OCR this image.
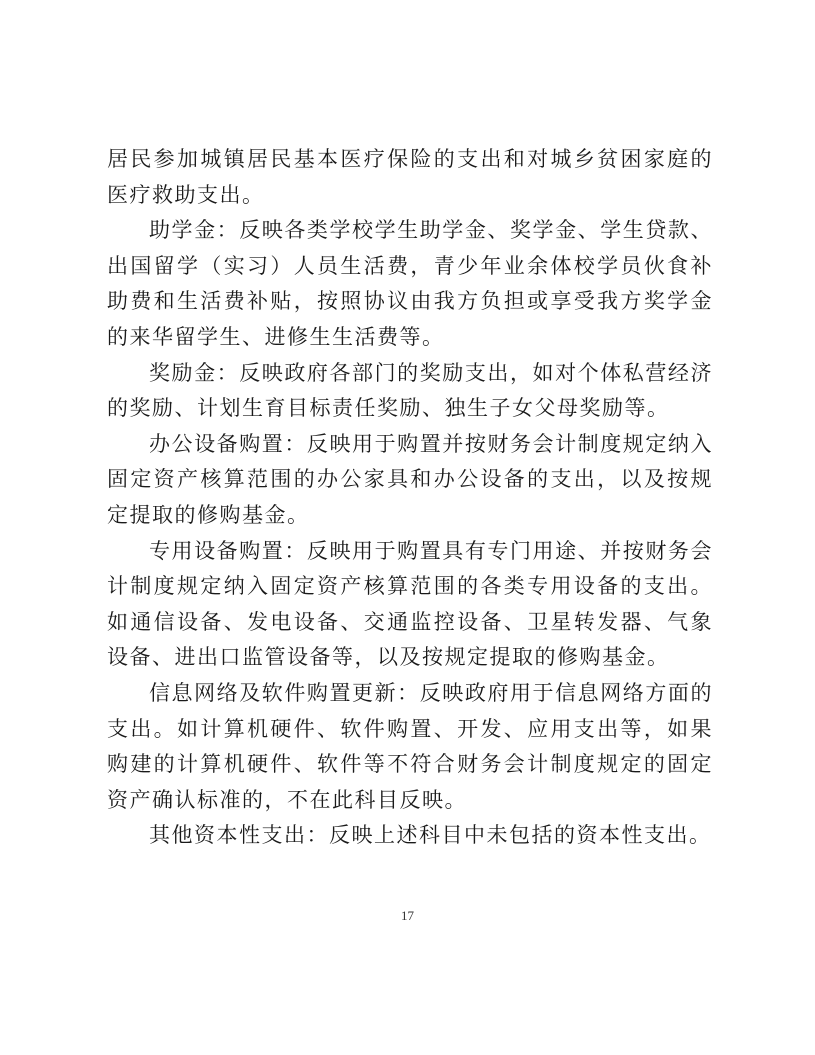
居民参加城镇居民基本医疗保险的支出和对城乡贫困家庭的医疗救助支出。

助学金：反映各类学校学生助学金、奖学金、学生贷款、出国留学（实习）人员生活费，青少年业余体校学员伙食补助费和生活费补贴，按照协议由我方负担或享受我方奖学金的来华留学生、进修生生活费等。

奖励金：反映政府各部门的奖励支出，如对个体私营经济的奖励、计划生育目标责任奖励、独生子女父母奖励等。

办公设备购置：反映用于购置并按财务会计制度规定纳入固定资产核算范围的办公家具和办公设备的支出，以及按规定提取的修购基金。

专用设备购置：反映用于购置具有专门用途、并按财务会计制度规定纳入固定资产核算范围的各类专用设备的支出。如通信设备、发电设备、交通监控设备、卫星转发器、气象设备、进出口监管设备等，以及按规定提取的修购基金。

信息网络及软件购置更新：反映政府用于信息网络方面的支出。如计算机硬件、软件购置、开发、应用支出等，如果购建的计算机硬件、软件等不符合财务会计制度规定的固定资产确认标准的，不在此科目反映。

其他资本性支出：反映上述科目中未包括的资本性支出。

17
